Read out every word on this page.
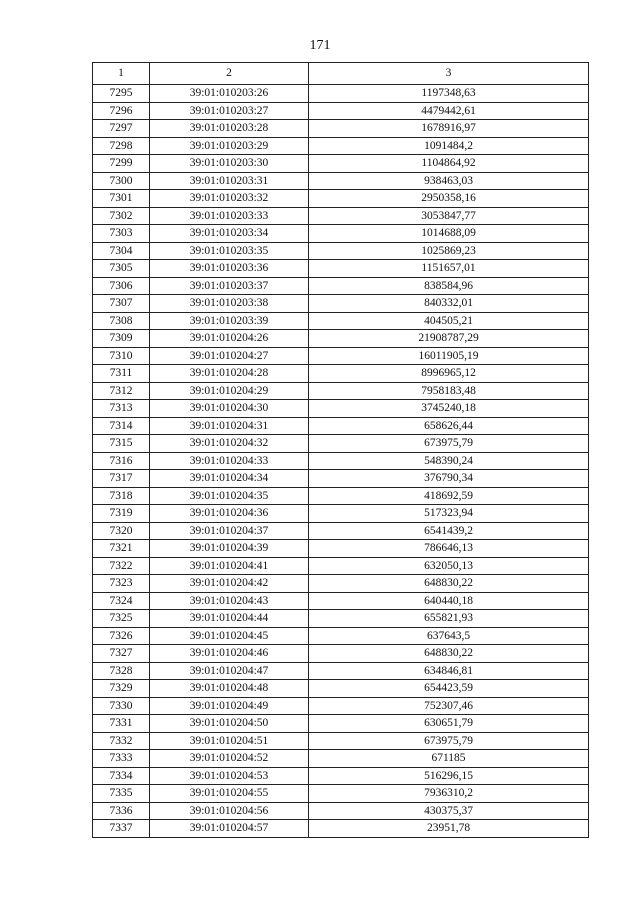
171
1	2	3
7295	39:01:010203:26	1197348,63
7296	39:01:010203:27	4479442,61
7297	39:01:010203:28	1678916,97
7298	39:01:010203:29	1091484,2
7299	39:01:010203:30	1104864,92
7300	39:01:010203:31	938463,03
7301	39:01:010203:32	2950358,16
7302	39:01:010203:33	3053847,77
7303	39:01:010203:34	1014688,09
7304	39:01:010203:35	1025869,23
7305	39:01:010203:36	1151657,01
7306	39:01:010203:37	838584,96
7307	39:01:010203:38	840332,01
7308	39:01:010203:39	404505,21
7309	39:01:010204:26	21908787,29
7310	39:01:010204:27	16011905,19
7311	39:01:010204:28	8996965,12
7312	39:01:010204:29	7958183,48
7313	39:01:010204:30	3745240,18
7314	39:01:010204:31	658626,44
7315	39:01:010204:32	673975,79
7316	39:01:010204:33	548390,24
7317	39:01:010204:34	376790,34
7318	39:01:010204:35	418692,59
7319	39:01:010204:36	517323,94
7320	39:01:010204:37	6541439,2
7321	39:01:010204:39	786646,13
7322	39:01:010204:41	632050,13
7323	39:01:010204:42	648830,22
7324	39:01:010204:43	640440,18
7325	39:01:010204:44	655821,93
7326	39:01:010204:45	637643,5
7327	39:01:010204:46	648830,22
7328	39:01:010204:47	634846,81
7329	39:01:010204:48	654423,59
7330	39:01:010204:49	752307,46
7331	39:01:010204:50	630651,79
7332	39:01:010204:51	673975,79
7333	39:01:010204:52	671185
7334	39:01:010204:53	516296,15
7335	39:01:010204:55	7936310,2
7336	39:01:010204:56	430375,37
7337	39:01:010204:57	23951,78
